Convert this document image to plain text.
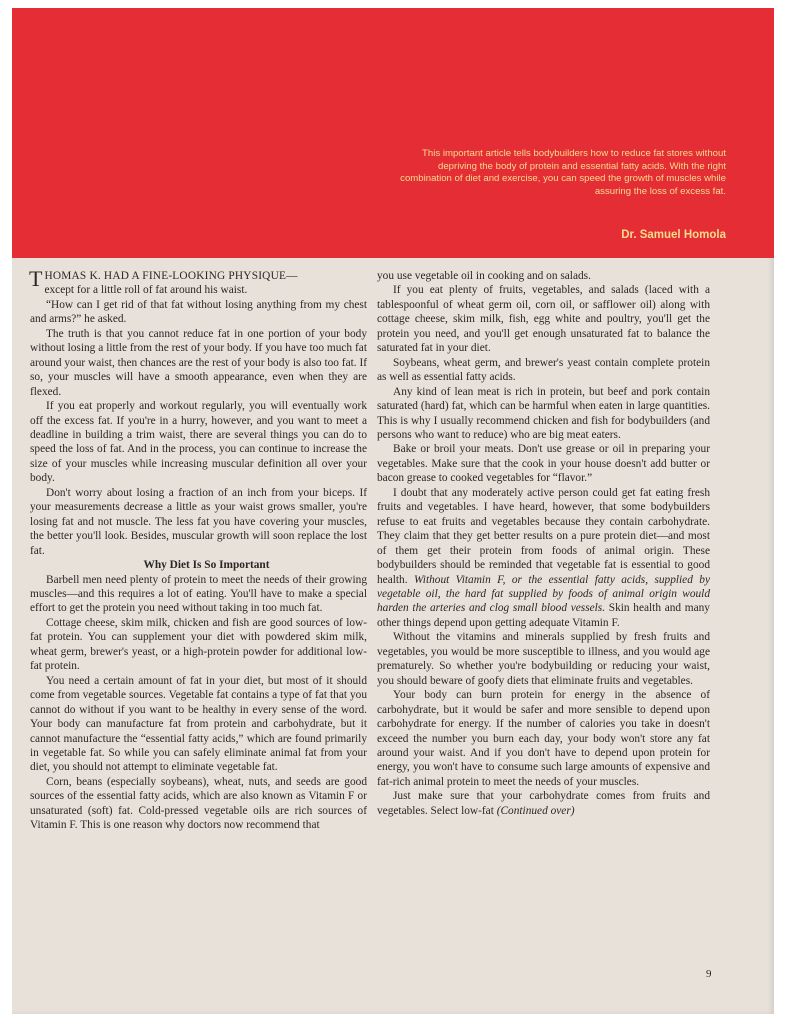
This important article tells bodybuilders how to reduce fat stores without depriving the body of protein and essential fatty acids. With the right combination of diet and exercise, you can speed the growth of muscles while assuring the loss of excess fat.
Dr. Samuel Homola

THOMAS K. HAD A FINE-LOOKING PHYSIQUE—
except for a little roll of fat around his waist.

“How can I get rid of that fat without losing anything from my chest and arms?” he asked.

The truth is that you cannot reduce fat in one portion of your body without losing a little from the rest of your body. If you have too much fat around your waist, then chances are the rest of your body is also too fat. If so, your muscles will have a smooth appearance, even when they are flexed.

If you eat properly and workout regularly, you will eventually work off the excess fat. If you're in a hurry, however, and you want to meet a deadline in building a trim waist, there are several things you can do to speed the loss of fat. And in the process, you can continue to increase the size of your muscles while increasing muscular definition all over your body.

Don't worry about losing a fraction of an inch from your biceps. If your measurements decrease a little as your waist grows smaller, you're losing fat and not muscle. The less fat you have covering your muscles, the better you'll look. Besides, muscular growth will soon replace the lost fat.

Why Diet Is So Important

Barbell men need plenty of protein to meet the needs of their growing muscles—and this requires a lot of eating. You'll have to make a special effort to get the protein you need without taking in too much fat.

Cottage cheese, skim milk, chicken and fish are good sources of low-fat protein. You can supplement your diet with powdered skim milk, wheat germ, brewer's yeast, or a high-protein powder for additional low-fat protein.

You need a certain amount of fat in your diet, but most of it should come from vegetable sources. Vegetable fat contains a type of fat that you cannot do without if you want to be healthy in every sense of the word. Your body can manufacture fat from protein and carbohydrate, but it cannot manufacture the “essential fatty acids,” which are found primarily in vegetable fat. So while you can safely eliminate animal fat from your diet, you should not attempt to eliminate vegetable fat.

Corn, beans (especially soybeans), wheat, nuts, and seeds are good sources of the essential fatty acids, which are also known as Vitamin F or unsaturated (soft) fat. Cold-pressed vegetable oils are rich sources of Vitamin F. This is one reason why doctors now recommend that

you use vegetable oil in cooking and on salads.

If you eat plenty of fruits, vegetables, and salads (laced with a tablespoonful of wheat germ oil, corn oil, or safflower oil) along with cottage cheese, skim milk, fish, egg white and poultry, you'll get the protein you need, and you'll get enough unsaturated fat to balance the saturated fat in your diet.

Soybeans, wheat germ, and brewer's yeast contain complete protein as well as essential fatty acids.

Any kind of lean meat is rich in protein, but beef and pork contain saturated (hard) fat, which can be harmful when eaten in large quantities. This is why I usually recommend chicken and fish for bodybuilders (and persons who want to reduce) who are big meat eaters.

Bake or broil your meats. Don't use grease or oil in preparing your vegetables. Make sure that the cook in your house doesn't add butter or bacon grease to cooked vegetables for “flavor.”

I doubt that any moderately active person could get fat eating fresh fruits and vegetables. I have heard, however, that some bodybuilders refuse to eat fruits and vegetables because they contain carbohydrate. They claim that they get better results on a pure protein diet—and most of them get their protein from foods of animal origin. These bodybuilders should be reminded that vegetable fat is essential to good health. Without Vitamin F, or the essential fatty acids, supplied by vegetable oil, the hard fat supplied by foods of animal origin would harden the arteries and clog small blood vessels. Skin health and many other things depend upon getting adequate Vitamin F.

Without the vitamins and minerals supplied by fresh fruits and vegetables, you would be more susceptible to illness, and you would age prematurely. So whether you're bodybuilding or reducing your waist, you should beware of goofy diets that eliminate fruits and vegetables.

Your body can burn protein for energy in the absence of carbohydrate, but it would be safer and more sensible to depend upon carbohydrate for energy. If the number of calories you take in doesn't exceed the number you burn each day, your body won't store any fat around your waist. And if you don't have to depend upon protein for energy, you won't have to consume such large amounts of expensive and fat-rich animal protein to meet the needs of your muscles.

Just make sure that your carbohydrate comes from fruits and vegetables. Select low-fat (Continued over)

9
